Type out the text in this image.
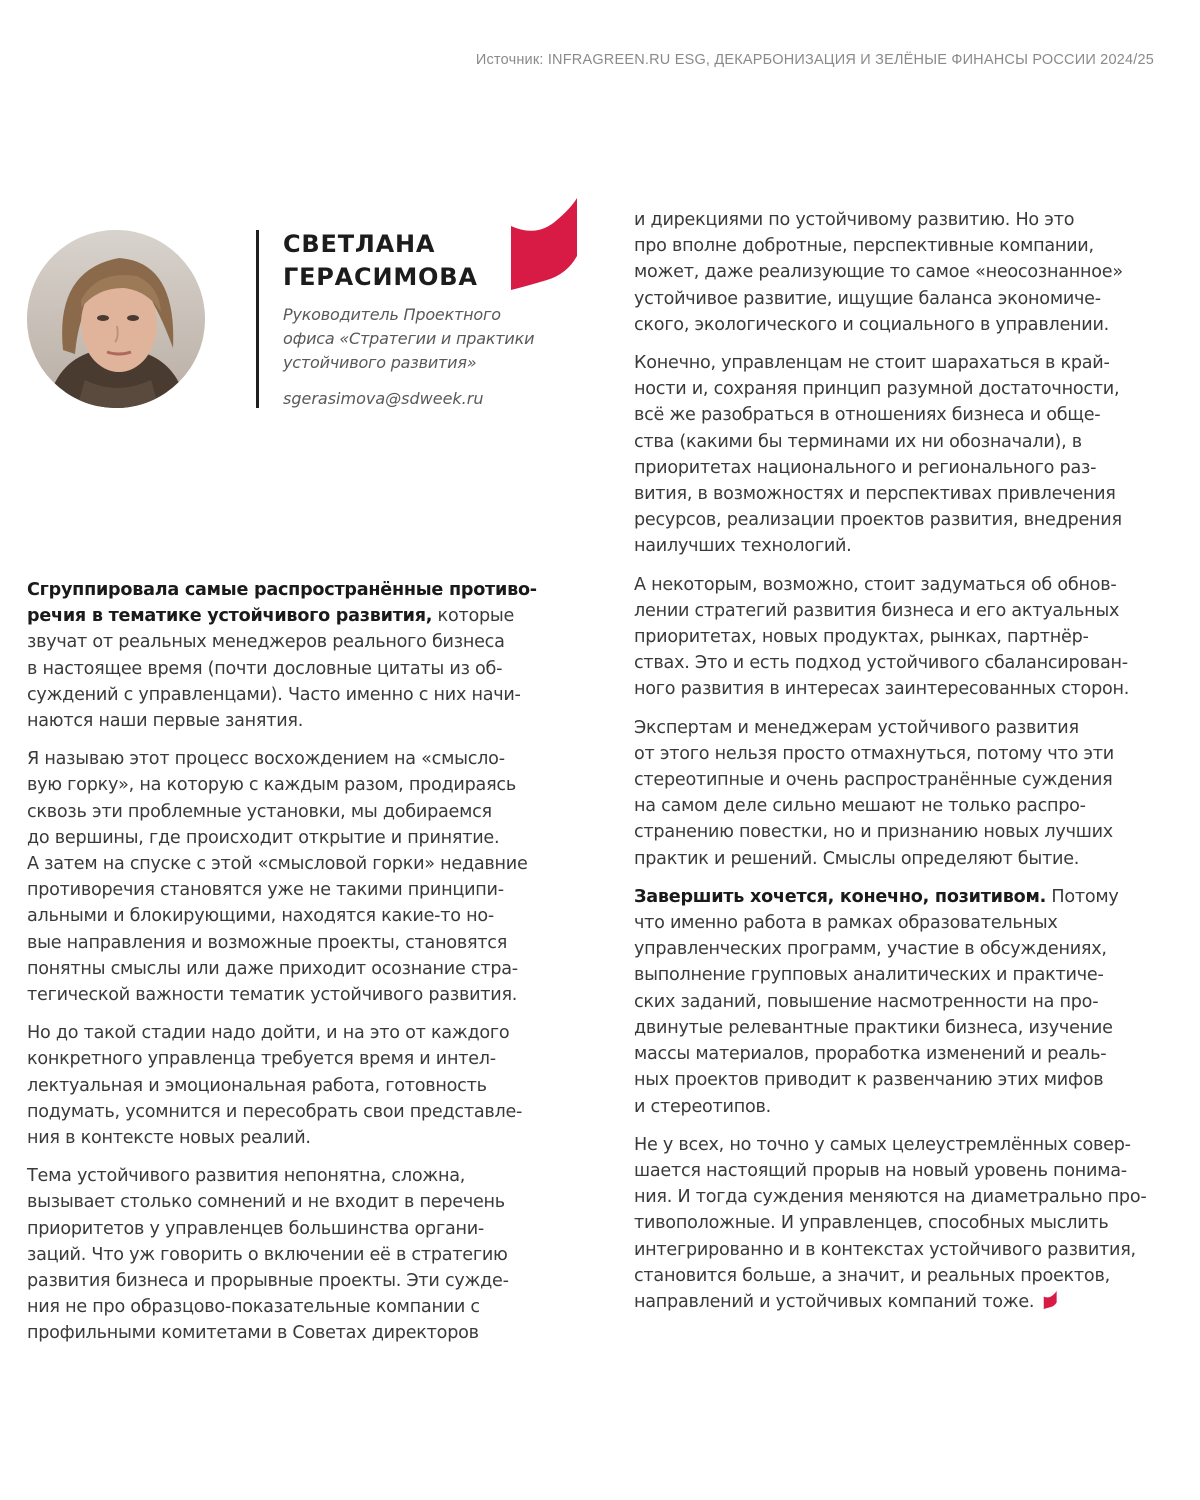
Источник: INFRAGREEN.RU ESG, ДЕКАРБОНИЗАЦИЯ И ЗЕЛЁНЫЕ ФИНАНСЫ РОССИИ 2024/25
СВЕТЛАНА
ГЕРАСИМОВА
Руководитель Проектного
офиса «Стратегии и практики
устойчивого развития»
sgerasimova@sdweek.ru

Сгруппировала самые распространённые противо-
речия в тематике устойчивого развития, которые
звучат от реальных менеджеров реального бизнеса
в настоящее время (почти дословные цитаты из об-
суждений с управленцами). Часто именно с них начи-
наются наши первые занятия.

Я называю этот процесс восхождением на «смысло-
вую горку», на которую с каждым разом, продираясь
сквозь эти проблемные установки, мы добираемся
до вершины, где происходит открытие и принятие.
А затем на спуске с этой «смысловой горки» недавние
противоречия становятся уже не такими принципи-
альными и блокирующими, находятся какие-то но-
вые направления и возможные проекты, становятся
понятны смыслы или даже приходит осознание стра-
тегической важности тематик устойчивого развития.

Но до такой стадии надо дойти, и на это от каждого
конкретного управленца требуется время и интел-
лектуальная и эмоциональная работа, готовность
подумать, усомнится и пересобрать свои представле-
ния в контексте новых реалий.

Тема устойчивого развития непонятна, сложна,
вызывает столько сомнений и не входит в перечень
приоритетов у управленцев большинства органи-
заций. Что уж говорить о включении её в стратегию
развития бизнеса и прорывные проекты. Эти сужде-
ния не про образцово-показательные компании с
профильными комитетами в Советах директоров

и дирекциями по устойчивому развитию. Но это
про вполне добротные, перспективные компании,
может, даже реализующие то самое «неосознанное»
устойчивое развитие, ищущие баланса экономиче-
ского, экологического и социального в управлении.

Конечно, управленцам не стоит шарахаться в край-
ности и, сохраняя принцип разумной достаточности,
всё же разобраться в отношениях бизнеса и обще-
ства (какими бы терминами их ни обозначали), в
приоритетах национального и регионального раз-
вития, в возможностях и перспективах привлечения
ресурсов, реализации проектов развития, внедрения
наилучших технологий.

А некоторым, возможно, стоит задуматься об обнов-
лении стратегий развития бизнеса и его актуальных
приоритетах, новых продуктах, рынках, партнёр-
ствах. Это и есть подход устойчивого сбалансирован-
ного развития в интересах заинтересованных сторон.

Экспертам и менеджерам устойчивого развития
от этого нельзя просто отмахнуться, потому что эти
стереотипные и очень распространённые суждения
на самом деле сильно мешают не только распро-
странению повестки, но и признанию новых лучших
практик и решений. Смыслы определяют бытие.

Завершить хочется, конечно, позитивом. Потому
что именно работа в рамках образовательных
управленческих программ, участие в обсуждениях,
выполнение групповых аналитических и практиче-
ских заданий, повышение насмотренности на про-
двинутые релевантные практики бизнеса, изучение
массы материалов, проработка изменений и реаль-
ных проектов приводит к развенчанию этих мифов
и стереотипов.

Не у всех, но точно у самых целеустремлённых совер-
шается настоящий прорыв на новый уровень понима-
ния. И тогда суждения меняются на диаметрально про-
тивоположные. И управленцев, способных мыслить
интегрированно и в контекстах устойчивого развития,
становится больше, а значит, и реальных проектов,
направлений и устойчивых компаний тоже.
